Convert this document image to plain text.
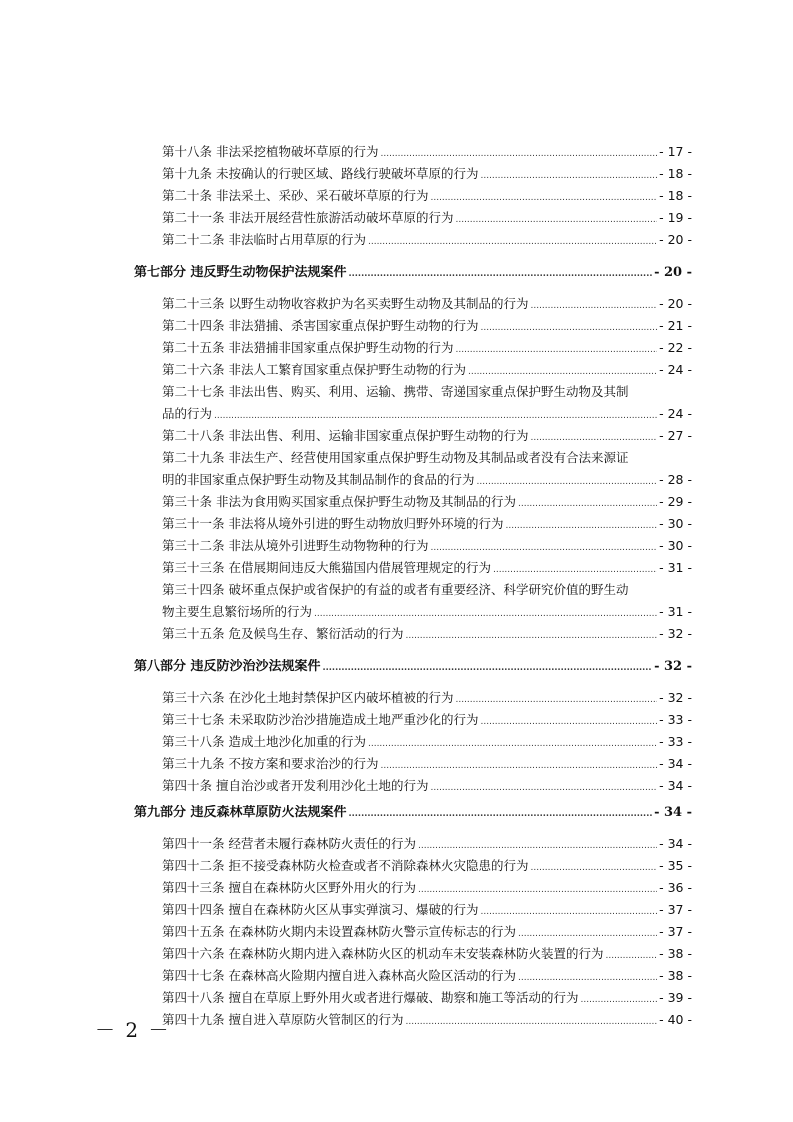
第十八条 非法采挖植物破坏草原的行为 .....	- 17 -
第十九条 未按确认的行驶区域、路线行驶破坏草原的行为 .....	- 18 -
第二十条 非法采土、采砂、采石破坏草原的行为 .....	- 18 -
第二十一条 非法开展经营性旅游活动破坏草原的行为 .....	- 19 -
第二十二条 非法临时占用草原的行为 .....	- 20 -
第七部分 违反野生动物保护法规案件 .....	- 20 -
第二十三条 以野生动物收容救护为名买卖野生动物及其制品的行为 .....	- 20 -
第二十四条 非法猎捕、杀害国家重点保护野生动物的行为 .....	- 21 -
第二十五条 非法猎捕非国家重点保护野生动物的行为 .....	- 22 -
第二十六条 非法人工繁育国家重点保护野生动物的行为 .....	- 24 -
第二十七条 非法出售、购买、利用、运输、携带、寄递国家重点保护野生动物及其制
品的行为 .....	- 24 -
第二十八条 非法出售、利用、运输非国家重点保护野生动物的行为 .....	- 27 -
第二十九条 非法生产、经营使用国家重点保护野生动物及其制品或者没有合法来源证
明的非国家重点保护野生动物及其制品制作的食品的行为 .....	- 28 -
第三十条 非法为食用购买国家重点保护野生动物及其制品的行为 .....	- 29 -
第三十一条 非法将从境外引进的野生动物放归野外环境的行为 .....	- 30 -
第三十二条 非法从境外引进野生动物物种的行为 .....	- 30 -
第三十三条 在借展期间违反大熊猫国内借展管理规定的行为 .....	- 31 -
第三十四条 破坏重点保护或省保护的有益的或者有重要经济、科学研究价值的野生动
物主要生息繁衍场所的行为 .....	- 31 -
第三十五条 危及候鸟生存、繁衍活动的行为 .....	- 32 -
第八部分 违反防沙治沙法规案件 .....	- 32 -
第三十六条 在沙化土地封禁保护区内破坏植被的行为 .....	- 32 -
第三十七条 未采取防沙治沙措施造成土地严重沙化的行为 .....	- 33 -
第三十八条 造成土地沙化加重的行为 .....	- 33 -
第三十九条 不按方案和要求治沙的行为 .....	- 34 -
第四十条 擅自治沙或者开发利用沙化土地的行为 .....	- 34 -
第九部分 违反森林草原防火法规案件 .....	- 34 -
第四十一条 经营者未履行森林防火责任的行为 .....	- 34 -
第四十二条 拒不接受森林防火检查或者不消除森林火灾隐患的行为 .....	- 35 -
第四十三条 擅自在森林防火区野外用火的行为 .....	- 36 -
第四十四条 擅自在森林防火区从事实弹演习、爆破的行为 .....	- 37 -
第四十五条 在森林防火期内未设置森林防火警示宣传标志的行为 .....	- 37 -
第四十六条 在森林防火期内进入森林防火区的机动车未安装森林防火装置的行为 .....	- 38 -
第四十七条 在森林高火险期内擅自进入森林高火险区活动的行为 .....	- 38 -
第四十八条 擅自在草原上野外用火或者进行爆破、勘察和施工等活动的行为 .....	- 39 -
第四十九条 擅自进入草原防火管制区的行为 .....	- 40 -
－ 2 －
